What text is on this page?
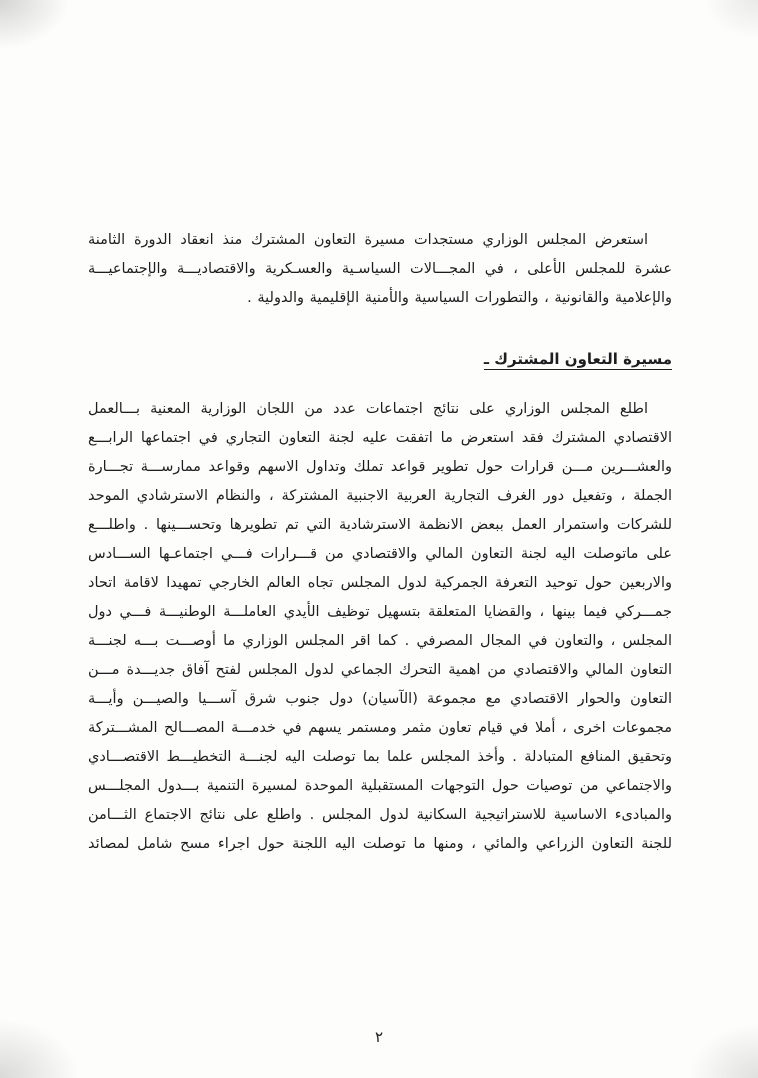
استعرض المجلس الوزاري مستجدات مسيرة التعاون المشترك منذ انعقاد الدورة الثامنة
عشرة للمجلس الأعلى ، في المجـــالات السياسـية والعسـكرية والاقتصاديـــة والإجتماعيـــة
والإعلامية والقانونية ، والتطورات السياسية والأمنية الإقليمية والدولية .
مسيرة التعاون المشترك ـ
اطلع المجلس الوزاري على نتائج اجتماعات عدد من اللجان الوزارية المعنية بـــالعمل
الاقتصادي المشترك فقد استعرض ما اتفقت عليه لجنة التعاون التجاري في اجتماعها الرابـــع
والعشـــرين مـــن قرارات حول تطوير قواعد تملك وتداول الاسهم وقواعد ممارســـة تجـــارة
الجملة ، وتفعيل دور الغرف التجارية العربية الاجنبية المشتركة ، والنظام الاسترشادي الموحد
للشركات واستمرار العمل ببعض الانظمة الاسترشادية التي تم تطويرها وتحســـينها . واطلـــع
على ماتوصلت اليه لجنة التعاون المالي والاقتصادي من قـــرارات فـــي اجتماعـها الســـادس
والاربعين حول توحيد التعرفة الجمركية لدول المجلس تجاه العالم الخارجي تمهيدا لاقامة اتحاد
جمـــركي فيما بينها ، والقضايا المتعلقة بتسهيل توظيف الأيدي العاملـــة الوطنيـــة فـــي دول
المجلس ، والتعاون في المجال المصرفي . كما اقر المجلس الوزاري ما أوصـــت بـــه لجنـــة
التعاون المالي والاقتصادي من اهمية التحرك الجماعي لدول المجلس لفتح آفاق جديـــدة مـــن
التعاون والحوار الاقتصادي مع مجموعة (الآسيان) دول جنوب شرق آســـيا والصيـــن وأيـــة
مجموعات اخرى ، أملا في قيام تعاون مثمر ومستمر يسهم في خدمـــة المصـــالح المشـــتركة
وتحقيق المنافع المتبادلة . وأخذ المجلس علما بما توصلت اليه لجنـــة التخطيـــط الاقتصـــادي
والاجتماعي من توصيات حول التوجهات المستقبلية الموحدة لمسيرة التنمية بـــدول المجلـــس
والمبادىء الاساسية للاستراتيجية السكانية لدول المجلس . واطلع على نتائج الاجتماع الثـــامن
للجنة التعاون الزراعي والمائي ، ومنها ما توصلت اليه اللجنة حول اجراء مسح شامل لمصائد
٢
